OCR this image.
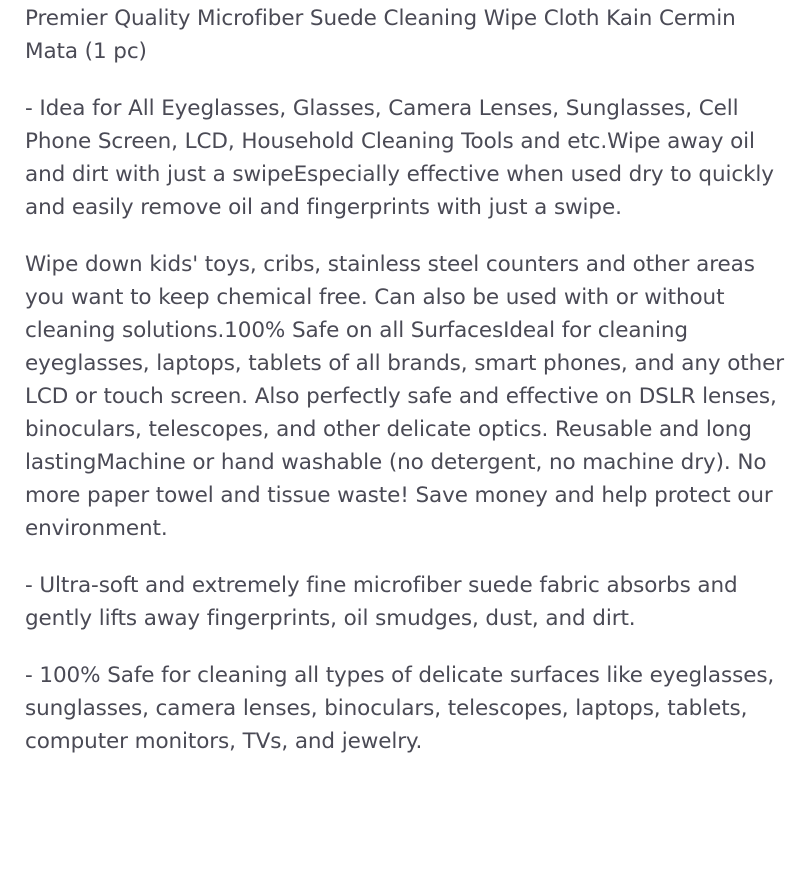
Premier Quality Microfiber Suede Cleaning Wipe Cloth Kain Cermin Mata (1 pc)

- Idea for All Eyeglasses, Glasses, Camera Lenses, Sunglasses, Cell Phone Screen, LCD, Household Cleaning Tools and etc.Wipe away oil and dirt with just a swipeEspecially effective when used dry to quickly and easily remove oil and fingerprints with just a swipe.

Wipe down kids' toys, cribs, stainless steel counters and other areas you want to keep chemical free. Can also be used with or without cleaning solutions.100% Safe on all SurfacesIdeal for cleaning eyeglasses, laptops, tablets of all brands, smart phones, and any other LCD or touch screen. Also perfectly safe and effective on DSLR lenses, binoculars, telescopes, and other delicate optics. Reusable and long lastingMachine or hand washable (no detergent, no machine dry). No more paper towel and tissue waste! Save money and help protect our environment.

- Ultra-soft and extremely fine microfiber suede fabric absorbs and gently lifts away fingerprints, oil smudges, dust, and dirt.

- 100% Safe for cleaning all types of delicate surfaces like eyeglasses, sunglasses, camera lenses, binoculars, telescopes, laptops, tablets, computer monitors, TVs, and jewelry.
